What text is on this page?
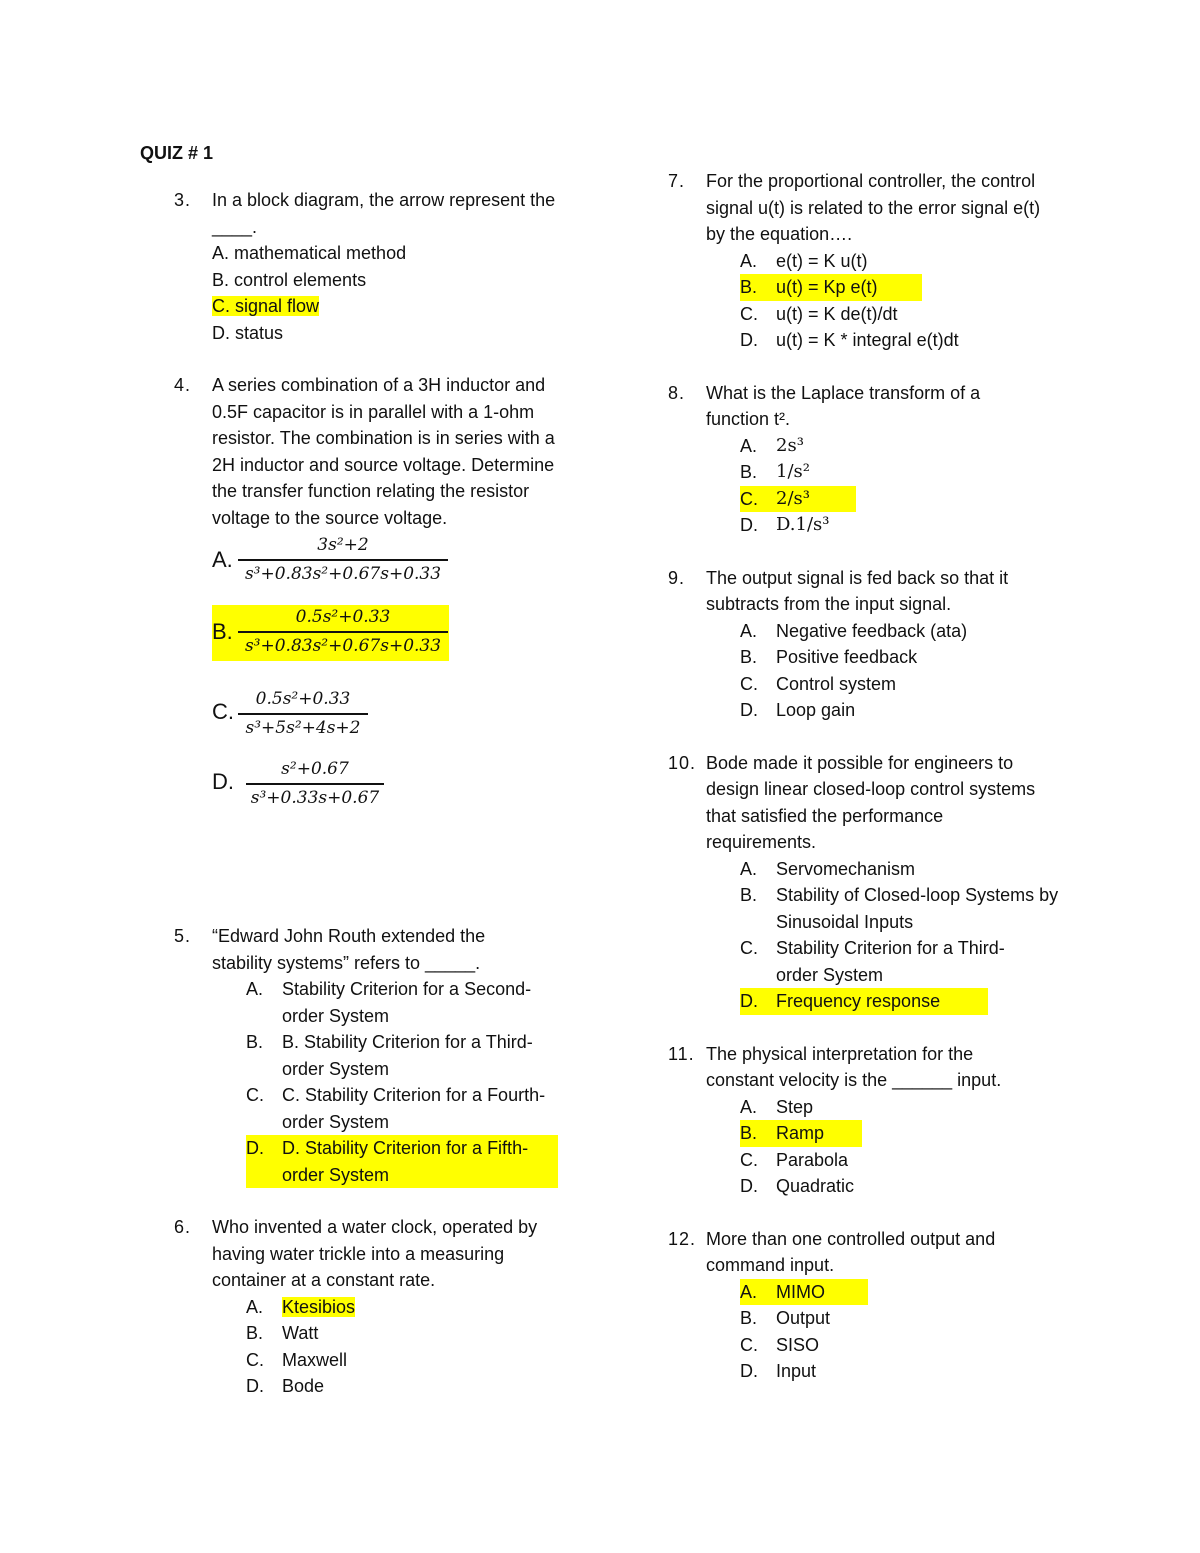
QUIZ # 1
3.	In a block diagram, the arrow represent the ____.
A. mathematical method
B. control elements
C. signal flow
D. status
4.	A series combination of a 3H inductor and 0.5F capacitor is in parallel with a 1-ohm resistor. The combination is in series with a 2H inductor and source voltage. Determine the transfer function relating the resistor voltage to the source voltage.
A.
3s²+2
s³+0.83s²+0.67s+0.33
B.
0.5s²+0.33
s³+0.83s²+0.67s+0.33
C.	0.5s²+0.33
s³+5s²+4s+2
D.	s²+0.67
s³+0.33s+0.67
5.	“Edward John Routh extended the stability systems” refers to _____.
A. Stability Criterion for a Second-order System
B. B. Stability Criterion for a Third-order System
C. C. Stability Criterion for a Fourth-order System
D. D. Stability Criterion for a Fifth-order System
6.	Who invented a water clock, operated by having water trickle into a measuring container at a constant rate.
A. Ktesibios
B. Watt
C. Maxwell
D. Bode
7.	For the proportional controller, the control signal u(t) is related to the error signal e(t) by the equation….
A. e(t) = K u(t)
B. u(t) = Kp e(t)
C. u(t) = K de(t)/dt
D. u(t) = K * integral e(t)dt
8.	What is the Laplace transform of a function t².
A. 2s³
B. 1/s²
C. 2/s³
D. D.1/s³
9.	The output signal is fed back so that it subtracts from the input signal.
A. Negative feedback (ata)
B. Positive feedback
C. Control system
D. Loop gain
10. Bode made it possible for engineers to design linear closed-loop control systems that satisfied the performance requirements.
A. Servomechanism
B. Stability of Closed-loop Systems by Sinusoidal Inputs
C. Stability Criterion for a Third-order System
D. Frequency response
11. The physical interpretation for the constant velocity is the ______ input.
A. Step
B. Ramp
C. Parabola
D. Quadratic
12. More than one controlled output and command input.
A. MIMO
B. Output
C. SISO
D. Input
